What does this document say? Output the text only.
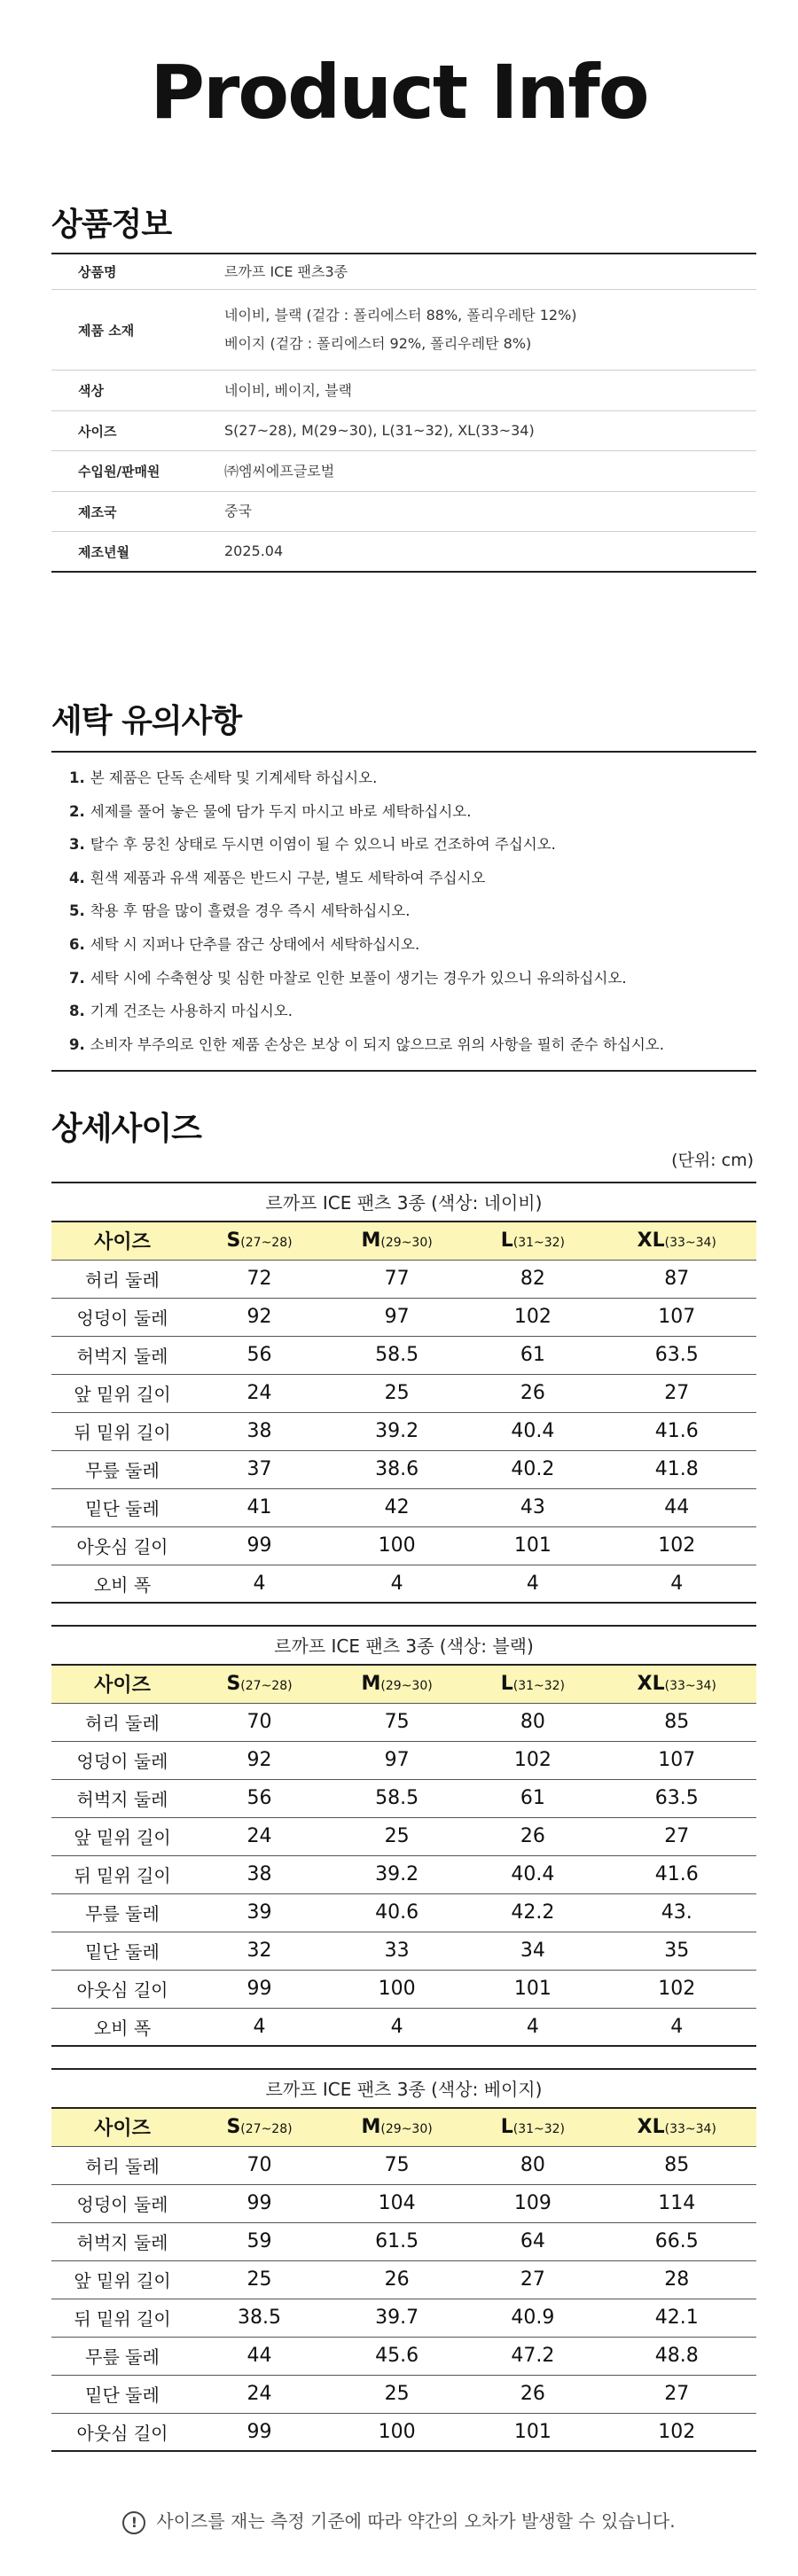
Product Info
상품정보
상품명	르까프 ICE 팬츠3종
제품 소재
네이비, 블랙 (겉감 : 폴리에스터 88%, 폴리우레탄 12%)
베이지 (겉감 : 폴리에스터 92%, 폴리우레탄 8%)
색상	네이비, 베이지, 블랙
사이즈	S(27~28), M(29~30), L(31~32), XL(33~34)
수입원/판매원	㈜엠씨에프글로벌
제조국	중국
제조년월	2025.04
세탁 유의사항
1. 본 제품은 단독 손세탁 및 기계세탁 하십시오.
2. 세제를 풀어 놓은 물에 담가 두지 마시고 바로 세탁하십시오.
3. 탈수 후 뭉친 상태로 두시면 이염이 될 수 있으니 바로 건조하여 주십시오.
4. 흰색 제품과 유색 제품은 반드시 구분, 별도 세탁하여 주십시오
5. 착용 후 땀을 많이 흘렸을 경우 즉시 세탁하십시오.
6. 세탁 시 지퍼나 단추를 잠근 상태에서 세탁하십시오.
7. 세탁 시에 수축현상 및 심한 마찰로 인한 보풀이 생기는 경우가 있으니 유의하십시오.
8. 기계 건조는 사용하지 마십시오.
9. 소비자 부주의로 인한 제품 손상은 보상 이 되지 않으므로 위의 사항을 필히 준수 하십시오.
상세사이즈
(단위: cm)
르까프 ICE 팬츠 3종 (색상: 네이비)
사이즈	S(27~28)	M(29~30)	L(31~32)	XL(33~34)
허리 둘레	72	77	82	87
엉덩이 둘레	92	97	102	107
허벅지 둘레	56	58.5	61	63.5
앞 밑위 길이	24	25	26	27
뒤 밑위 길이	38	39.2	40.4	41.6
무릎 둘레	37	38.6	40.2	41.8
밑단 둘레	41	42	43	44
아웃심 길이	99	100	101	102
오비 폭	4	4	4	4
르까프 ICE 팬츠 3종 (색상: 블랙)
사이즈	S(27~28)	M(29~30)	L(31~32)	XL(33~34)
허리 둘레	70	75	80	85
엉덩이 둘레	92	97	102	107
허벅지 둘레	56	58.5	61	63.5
앞 밑위 길이	24	25	26	27
뒤 밑위 길이	38	39.2	40.4	41.6
무릎 둘레	39	40.6	42.2	43.
밑단 둘레	32	33	34	35
아웃심 길이	99	100	101	102
오비 폭	4	4	4	4
르까프 ICE 팬츠 3종 (색상: 베이지)
사이즈	S(27~28)	M(29~30)	L(31~32)	XL(33~34)
허리 둘레	70	75	80	85
엉덩이 둘레	99	104	109	114
허벅지 둘레	59	61.5	64	66.5
앞 밑위 길이	25	26	27	28
뒤 밑위 길이	38.5	39.7	40.9	42.1
무릎 둘레	44	45.6	47.2	48.8
밑단 둘레	24	25	26	27
아웃심 길이	99	100	101	102
! 사이즈를 재는 측정 기준에 따라 약간의 오차가 발생할 수 있습니다.
